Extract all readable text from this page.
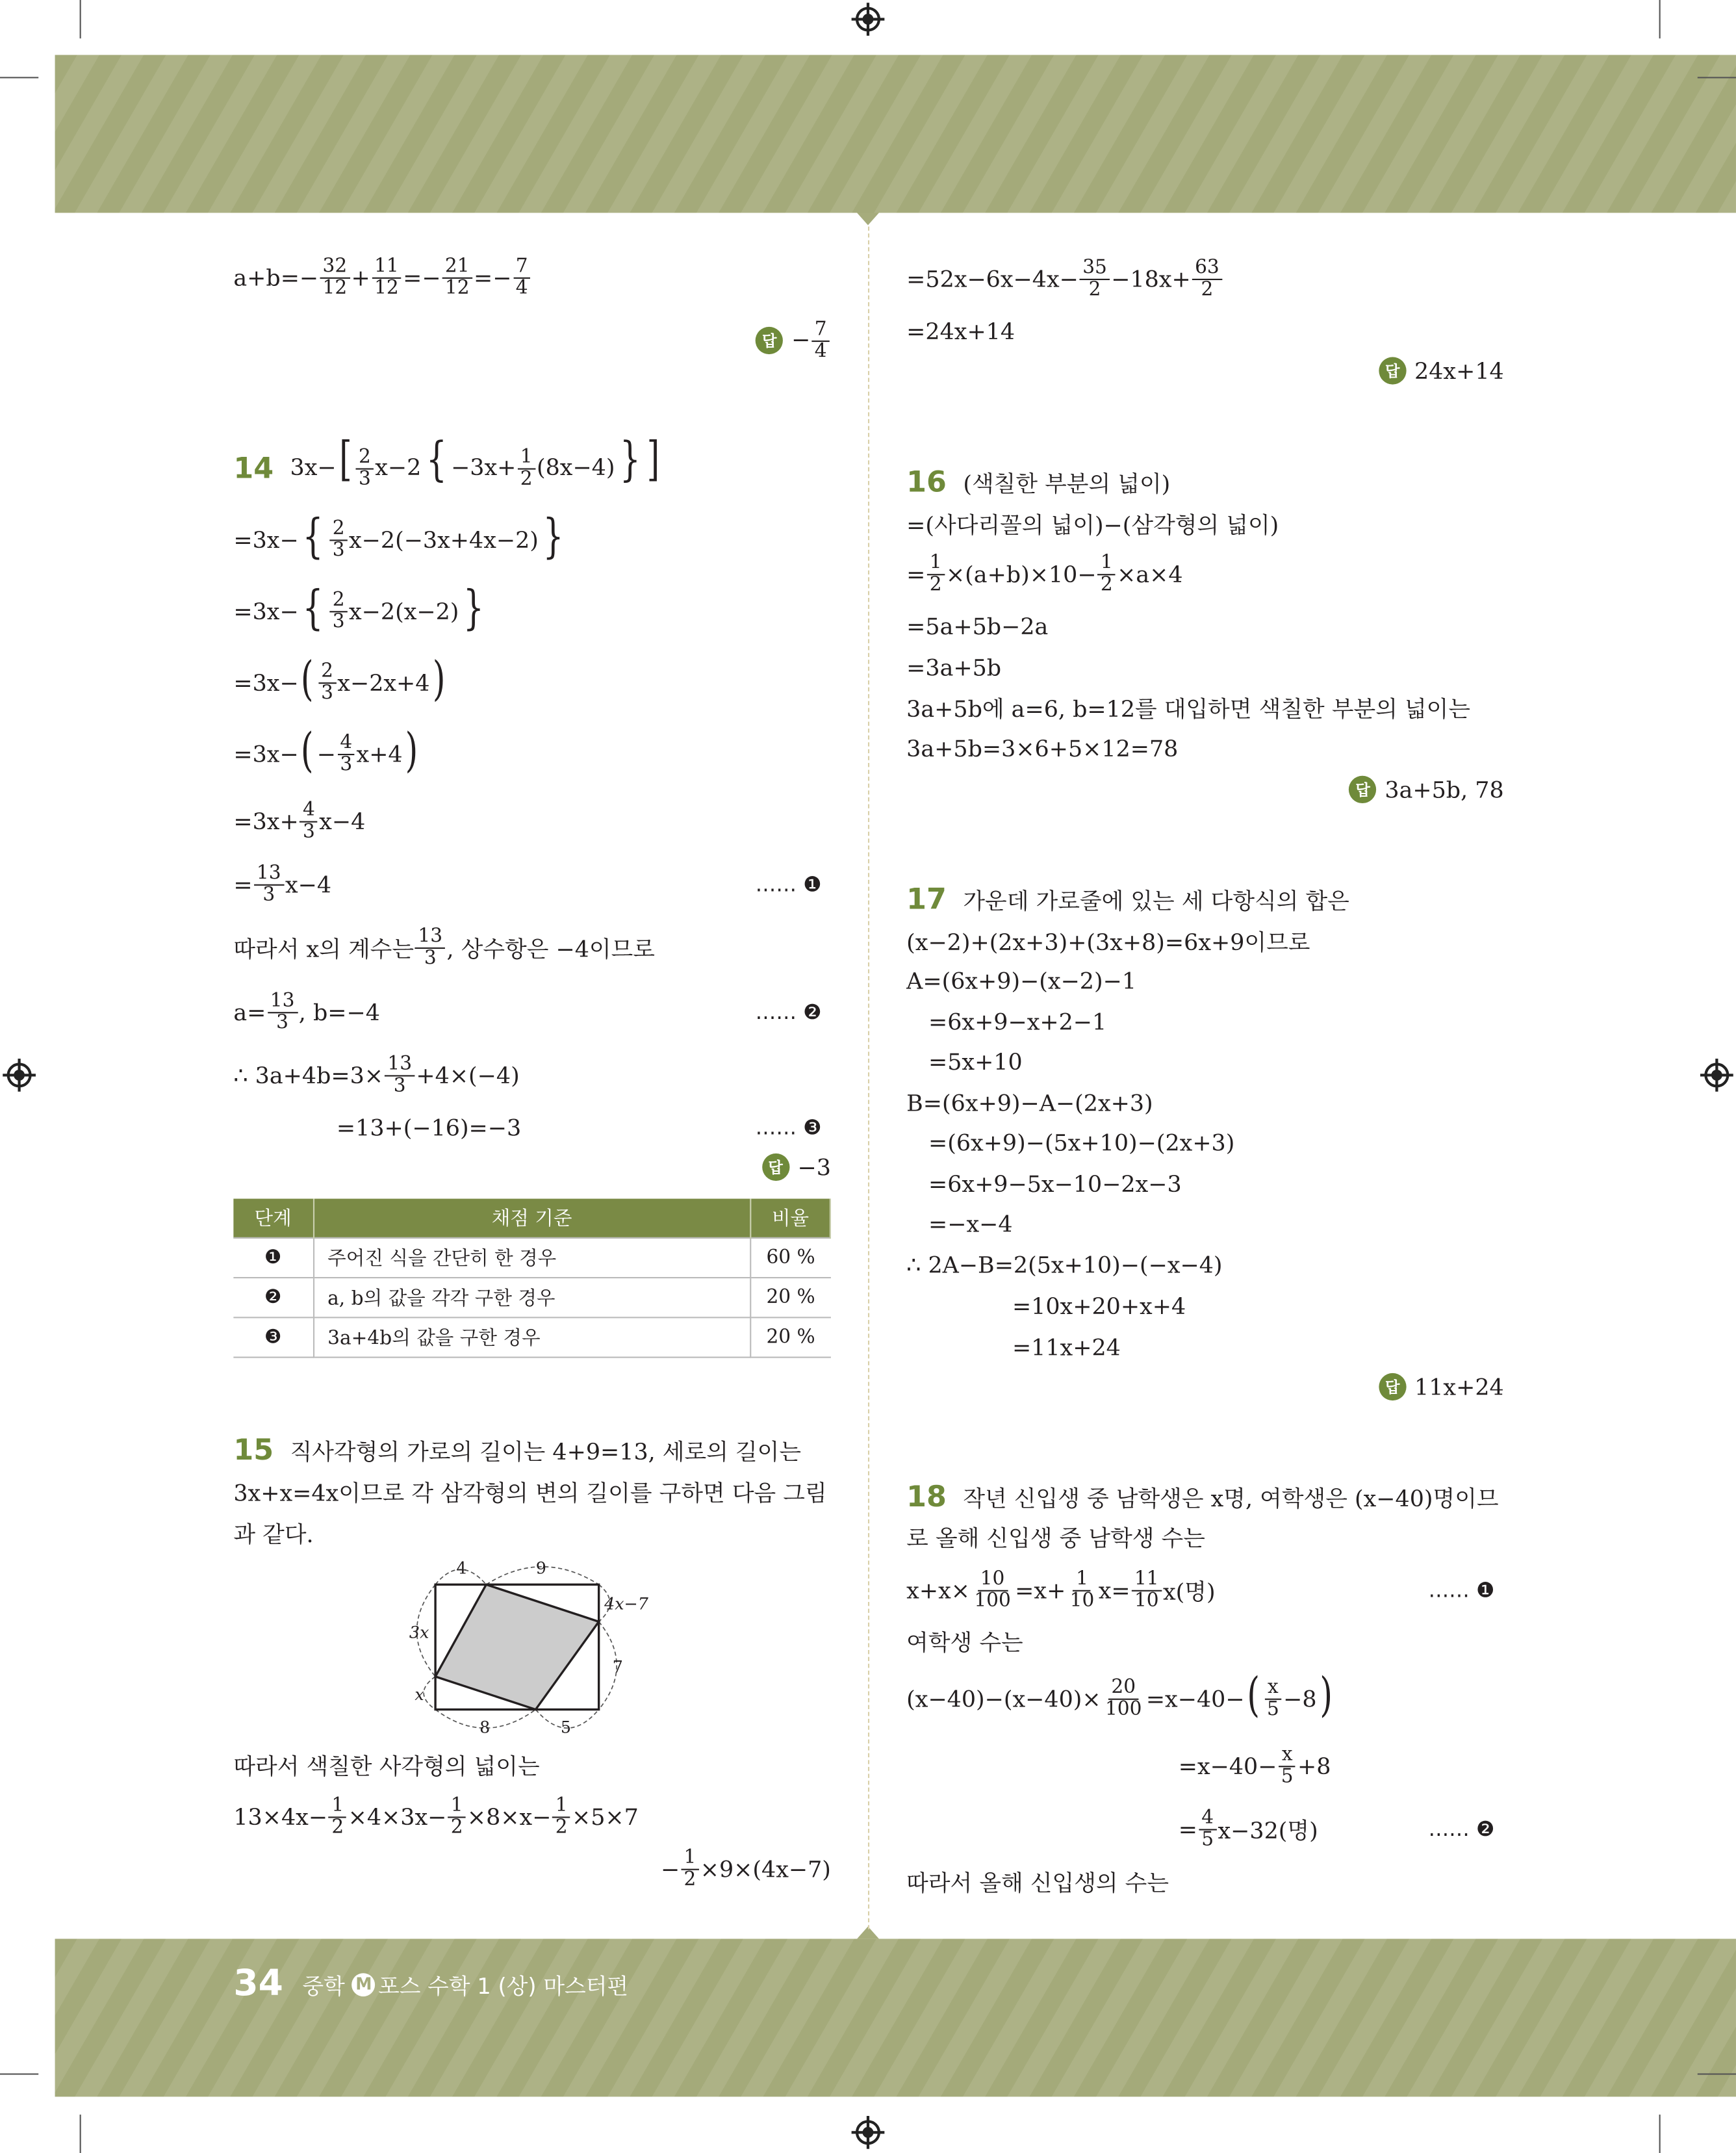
$a+b=- \frac{32}{12} + \frac{11}{12} =- \frac{21}{12} =- \frac{7}{4}$
답	− $\frac{7}{4}$
14 3x− [ $\frac{2}{3} x-2$ { $-3x+ \frac{1}{2} (8x-4)$ } ]
=3x− { $\frac{2}{3} x-2(-3x+4x-2)$ }
=3x− { $\frac{2}{3} x-2(x-2)$ }
=3x− ( $\frac{2}{3} x-2x+4$ )
=3x− ( − $\frac{4}{3} x+4$ )
$=3x+ \frac{4}{3} x-4$
= $\frac{13}{3} x-4$	…… ❶
따라서 x의 계수는 $\frac{13}{3}$ , 상수항은 −4이므로
$a= \frac{13}{3}$ , b=−4	…… ❷
∴ $3a+4b=3\times \frac{13}{3} +4\times(-4)$
=13+(−16)=−3	…… ❸
답	−3
단계	채점 기준	비율
❶	주어진 식을 간단히 한 경우	60 %
❷	a, b의 값을 각각 구한 경우	20 %
❸	3a+4b의 값을 구한 경우	20 %
15 직사각형의 가로의 길이는 4+9=13, 세로의 길이는
3x+x=4x이므로 각 삼각형의 변의 길이를 구하면 다음 그림
과 같다.
4	9
4x−7
3x
7
x
8	5
따라서 색칠한 사각형의 넓이는
$13\times 4x- \frac{1}{2} \times 4\times 3x- \frac{1}{2} \times 8\times x- \frac{1}{2} \times 5\times 7$
− $\frac{1}{2} \times 9\times(4x-7)$
$=52x-6x-4x- \frac{35}{2} -18x+ \frac{63}{2}$
=24x+14
답	24x+14
16 (색칠한 부분의 넓이)
=(사다리꼴의 넓이)−(삼각형의 넓이)
= $\frac{1}{2} \times(a+b)\times 10- \frac{1}{2} \times a\times 4$
=5a+5b−2a
=3a+5b
3a+5b에 a=6, b=12를 대입하면 색칠한 부분의 넓이는
3a+5b=3×6+5×12=78
답	3a+5b, 78
17 가운데 가로줄에 있는 세 다항식의 합은
(x−2)+(2x+3)+(3x+8)=6x+9이므로
A=(6x+9)−(x−2)−1
=6x+9−x+2−1
=5x+10
B=(6x+9)−A−(2x+3)
=(6x+9)−(5x+10)−(2x+3)
=6x+9−5x−10−2x−3
=−x−4
∴ 2A−B=2(5x+10)−(−x−4)
=10x+20+x+4
=11x+24
답	11x+24
18 작년 신입생 중 남학생은 x명, 여학생은 (x−40)명이므
로 올해 신입생 중 남학생 수는
$x+x\times \frac{10}{100} =x+ \frac{1}{10} x= \frac{11}{10} x$(명)	…… ❶
여학생 수는
$(x-40)-(x-40)\times \frac{20}{100} =x-40-$ ( $\frac{x}{5} -8$ )
$=x-40- \frac{x}{5} +8$
= $\frac{4}{5} x-32$(명)	…… ❷
따라서 올해 신입생의 수는
34 중학
	M 포스 수학 1 (상) 마스터편
